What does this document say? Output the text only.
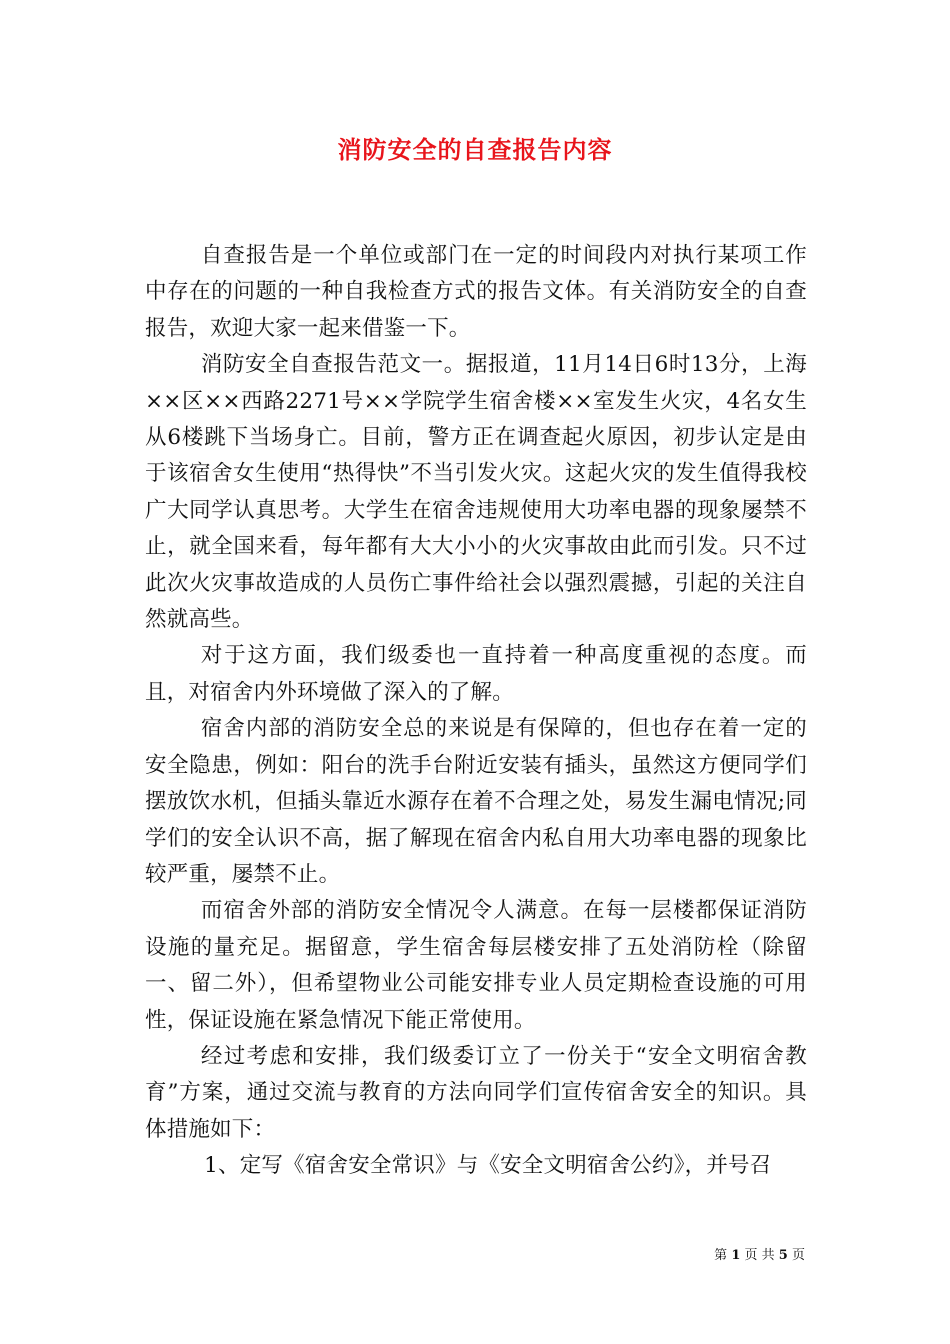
消防安全的自查报告内容

自查报告是一个单位或部门在一定的时间段内对执行某项工作中存在的问题的一种自我检查方式的报告文体。有关消防安全的自查报告，欢迎大家一起来借鉴一下。

消防安全自查报告范文一。据报道，11月14日6时13分，上海××区××西路2271号××学院学生宿舍楼××室发生火灾，4名女生从6楼跳下当场身亡。目前，警方正在调查起火原因，初步认定是由于该宿舍女生使用“热得快”不当引发火灾。这起火灾的发生值得我校广大同学认真思考。大学生在宿舍违规使用大功率电器的现象屡禁不止，就全国来看，每年都有大大小小的火灾事故由此而引发。只不过此次火灾事故造成的人员伤亡事件给社会以强烈震撼，引起的关注自然就高些。

对于这方面，我们级委也一直持着一种高度重视的态度。而且，对宿舍内外环境做了深入的了解。

宿舍内部的消防安全总的来说是有保障的，但也存在着一定的安全隐患，例如：阳台的洗手台附近安装有插头，虽然这方便同学们摆放饮水机，但插头靠近水源存在着不合理之处，易发生漏电情况;同学们的安全认识不高，据了解现在宿舍内私自用大功率电器的现象比较严重，屡禁不止。

而宿舍外部的消防安全情况令人满意。在每一层楼都保证消防设施的量充足。据留意，学生宿舍每层楼安排了五处消防栓（除留一、留二外），但希望物业公司能安排专业人员定期检查设施的可用性，保证设施在紧急情况下能正常使用。

经过考虑和安排，我们级委订立了一份关于“安全文明宿舍教育”方案，通过交流与教育的方法向同学们宣传宿舍安全的知识。具体措施如下：

1、定写《宿舍安全常识》与《安全文明宿舍公约》，并号召

第 1 页 共 5 页
